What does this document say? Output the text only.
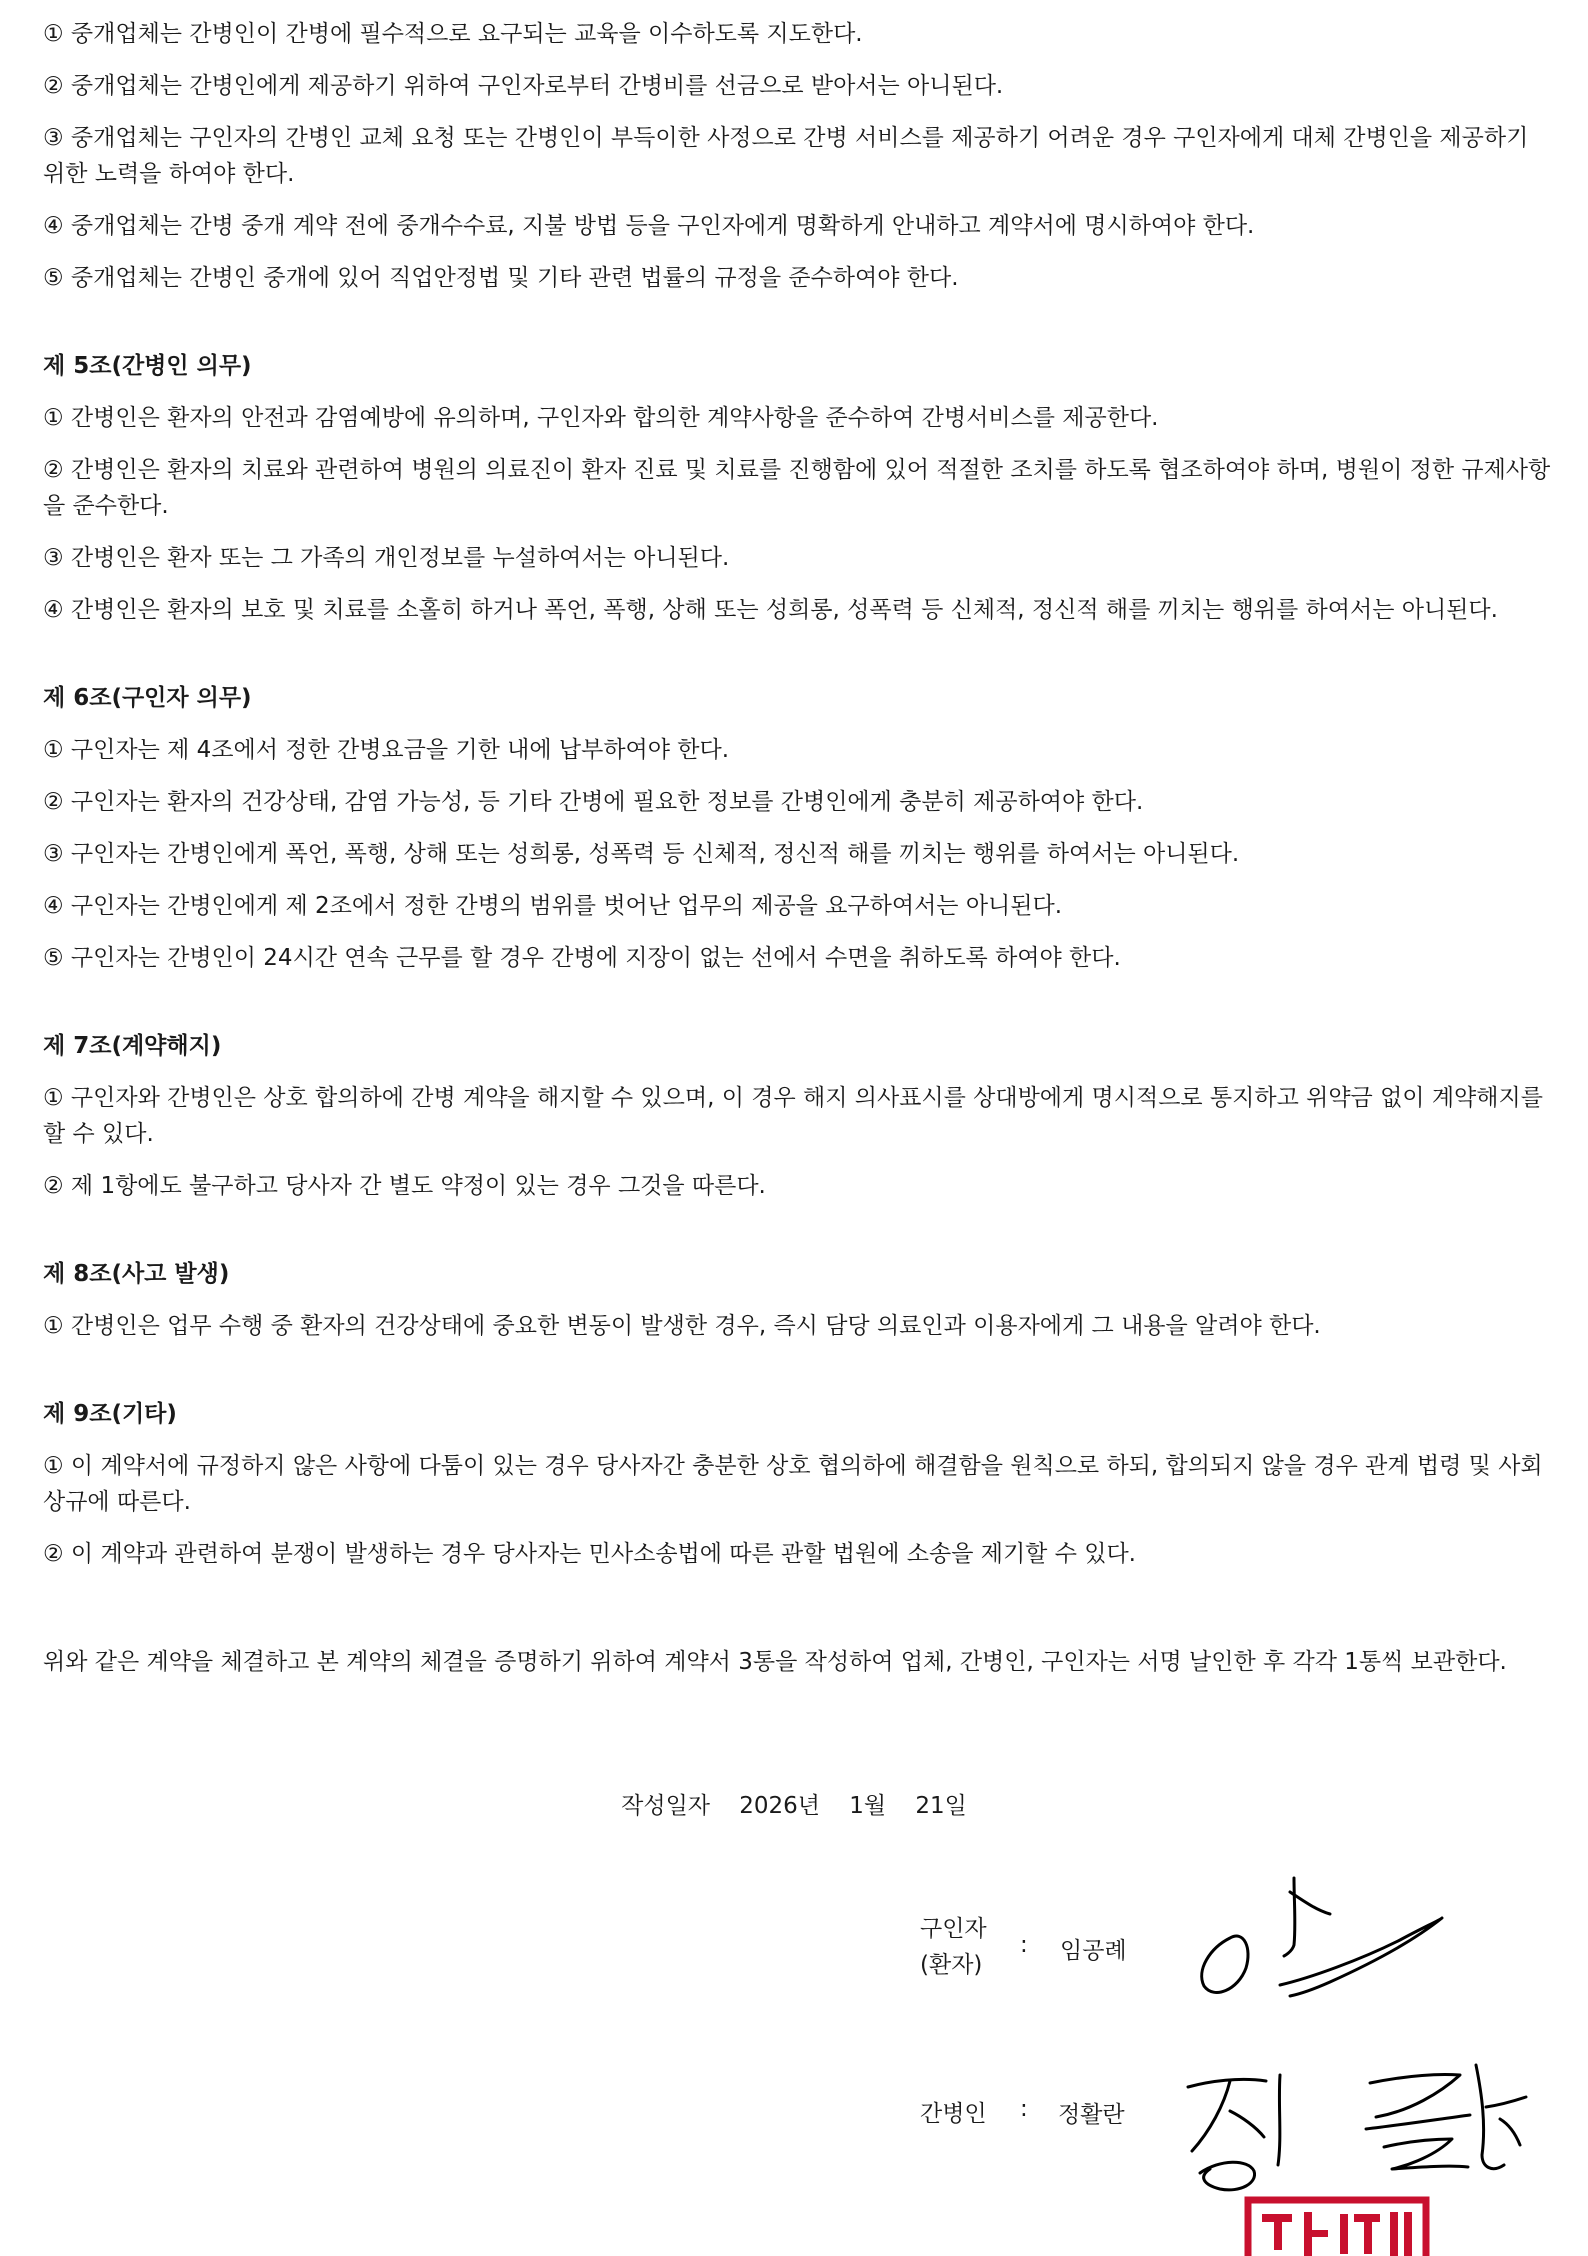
① 중개업체는 간병인이 간병에 필수적으로 요구되는 교육을 이수하도록 지도한다.

② 중개업체는 간병인에게 제공하기 위하여 구인자로부터 간병비를 선금으로 받아서는 아니된다.

③ 중개업체는 구인자의 간병인 교체 요청 또는 간병인이 부득이한 사정으로 간병 서비스를 제공하기 어려운 경우 구인자에게 대체 간병인을 제공하기 위한 노력을 하여야 한다.

④ 중개업체는 간병 중개 계약 전에 중개수수료, 지불 방법 등을 구인자에게 명확하게 안내하고 계약서에 명시하여야 한다.

⑤ 중개업체는 간병인 중개에 있어 직업안정법 및 기타 관련 법률의 규정을 준수하여야 한다.

제 5조(간병인 의무)

① 간병인은 환자의 안전과 감염예방에 유의하며, 구인자와 합의한 계약사항을 준수하여 간병서비스를 제공한다.

② 간병인은 환자의 치료와 관련하여 병원의 의료진이 환자 진료 및 치료를 진행함에 있어 적절한 조치를 하도록 협조하여야 하며, 병원이 정한 규제사항을 준수한다.

③ 간병인은 환자 또는 그 가족의 개인정보를 누설하여서는 아니된다.

④ 간병인은 환자의 보호 및 치료를 소홀히 하거나 폭언, 폭행, 상해 또는 성희롱, 성폭력 등 신체적, 정신적 해를 끼치는 행위를 하여서는 아니된다.

제 6조(구인자 의무)

① 구인자는 제 4조에서 정한 간병요금을 기한 내에 납부하여야 한다.

② 구인자는 환자의 건강상태, 감염 가능성, 등 기타 간병에 필요한 정보를 간병인에게 충분히 제공하여야 한다.

③ 구인자는 간병인에게 폭언, 폭행, 상해 또는 성희롱, 성폭력 등 신체적, 정신적 해를 끼치는 행위를 하여서는 아니된다.

④ 구인자는 간병인에게 제 2조에서 정한 간병의 범위를 벗어난 업무의 제공을 요구하여서는 아니된다.

⑤ 구인자는 간병인이 24시간 연속 근무를 할 경우 간병에 지장이 없는 선에서 수면을 취하도록 하여야 한다.

제 7조(계약해지)

① 구인자와 간병인은 상호 합의하에 간병 계약을 해지할 수 있으며, 이 경우 해지 의사표시를 상대방에게 명시적으로 통지하고 위약금 없이 계약해지를 할 수 있다.

② 제 1항에도 불구하고 당사자 간 별도 약정이 있는 경우 그것을 따른다.

제 8조(사고 발생)

① 간병인은 업무 수행 중 환자의 건강상태에 중요한 변동이 발생한 경우, 즉시 담당 의료인과 이용자에게 그 내용을 알려야 한다.

제 9조(기타)

① 이 계약서에 규정하지 않은 사항에 다툼이 있는 경우 당사자간 충분한 상호 협의하에 해결함을 원칙으로 하되, 합의되지 않을 경우 관계 법령 및 사회상규에 따른다.

② 이 계약과 관련하여 분쟁이 발생하는 경우 당사자는 민사소송법에 따른 관할 법원에 소송을 제기할 수 있다.

위와 같은 계약을 체결하고 본 계약의 체결을 증명하기 위하여 계약서 3통을 작성하여 업체, 간병인, 구인자는 서명 날인한 후 각각 1통씩 보관한다.

작성일자    2026년    1월    21일
구인자
(환자)
: 임공례
간병인 : 정활란
